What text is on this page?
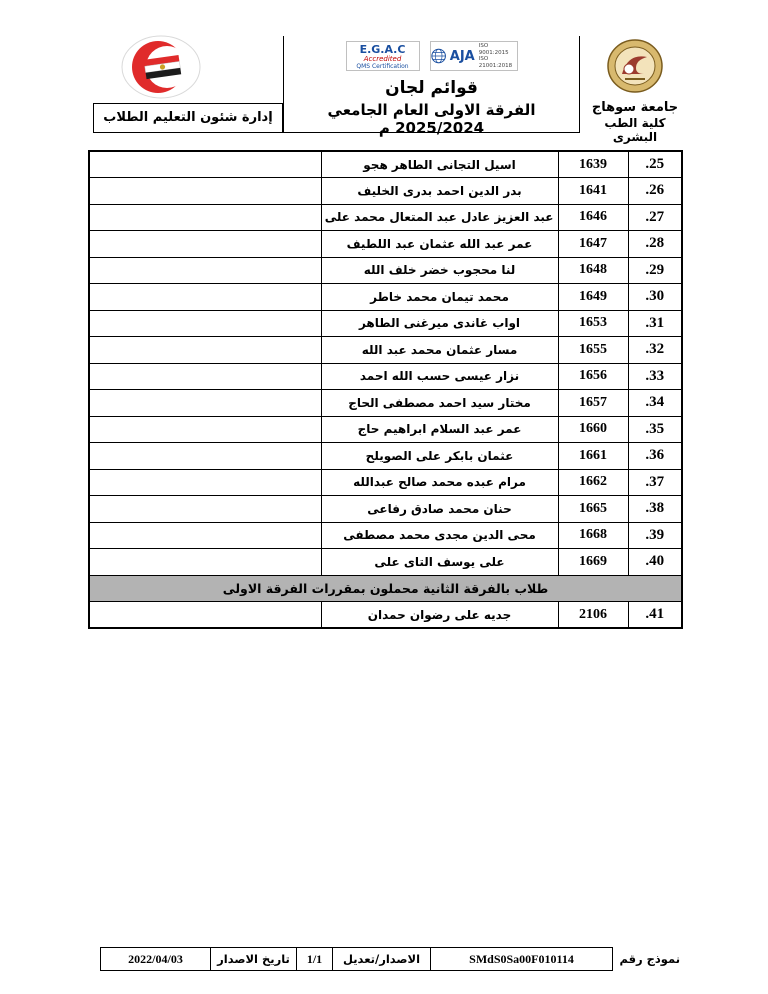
جامعة سوهاج
كلية الطب البشرى
E.G.A.C
Accredited
QMS Certification
AJA
ISO 9001:2015
ISO 21001:2018
قوائم لجان
الفرقة الاولى العام الجامعي 2025/2024 م
إدارة شئون التعليم الطلاب
25.	1639	اسيل التجانى الطاهر هجو	
26.	1641	بدر الدين احمد بدرى الخليف	
27.	1646	عبد العزيز عادل عبد المتعال محمد على	
28.	1647	عمر عبد الله عثمان عبد اللطيف	
29.	1648	لنا محجوب خضر خلف الله	
30.	1649	محمد تيمان محمد خاطر	
31.	1653	اواب غاندى ميرغنى الطاهر	
32.	1655	مسار عثمان محمد عبد الله	
33.	1656	نزار عيسى حسب الله احمد	
34.	1657	مختار سيد احمد مصطفى الحاج	
35.	1660	عمر عبد السلام ابراهيم حاج	
36.	1661	عثمان بابكر على الصويلح	
37.	1662	مرام عبده محمد صالح عبدالله	
38.	1665	حنان محمد صادق رفاعى	
39.	1668	محى الدين مجدى محمد مصطفى	
40.	1669	على يوسف التاى على	
طلاب بالفرقة الثانية محملون بمقررات الفرقة الاولى			
41.	2106	جديه على رضوان حمدان	
نموذج رقم	SMdS0Sa00F010114	الاصدار/تعديل	1/1	تاريخ الاصدار	2022/04/03
